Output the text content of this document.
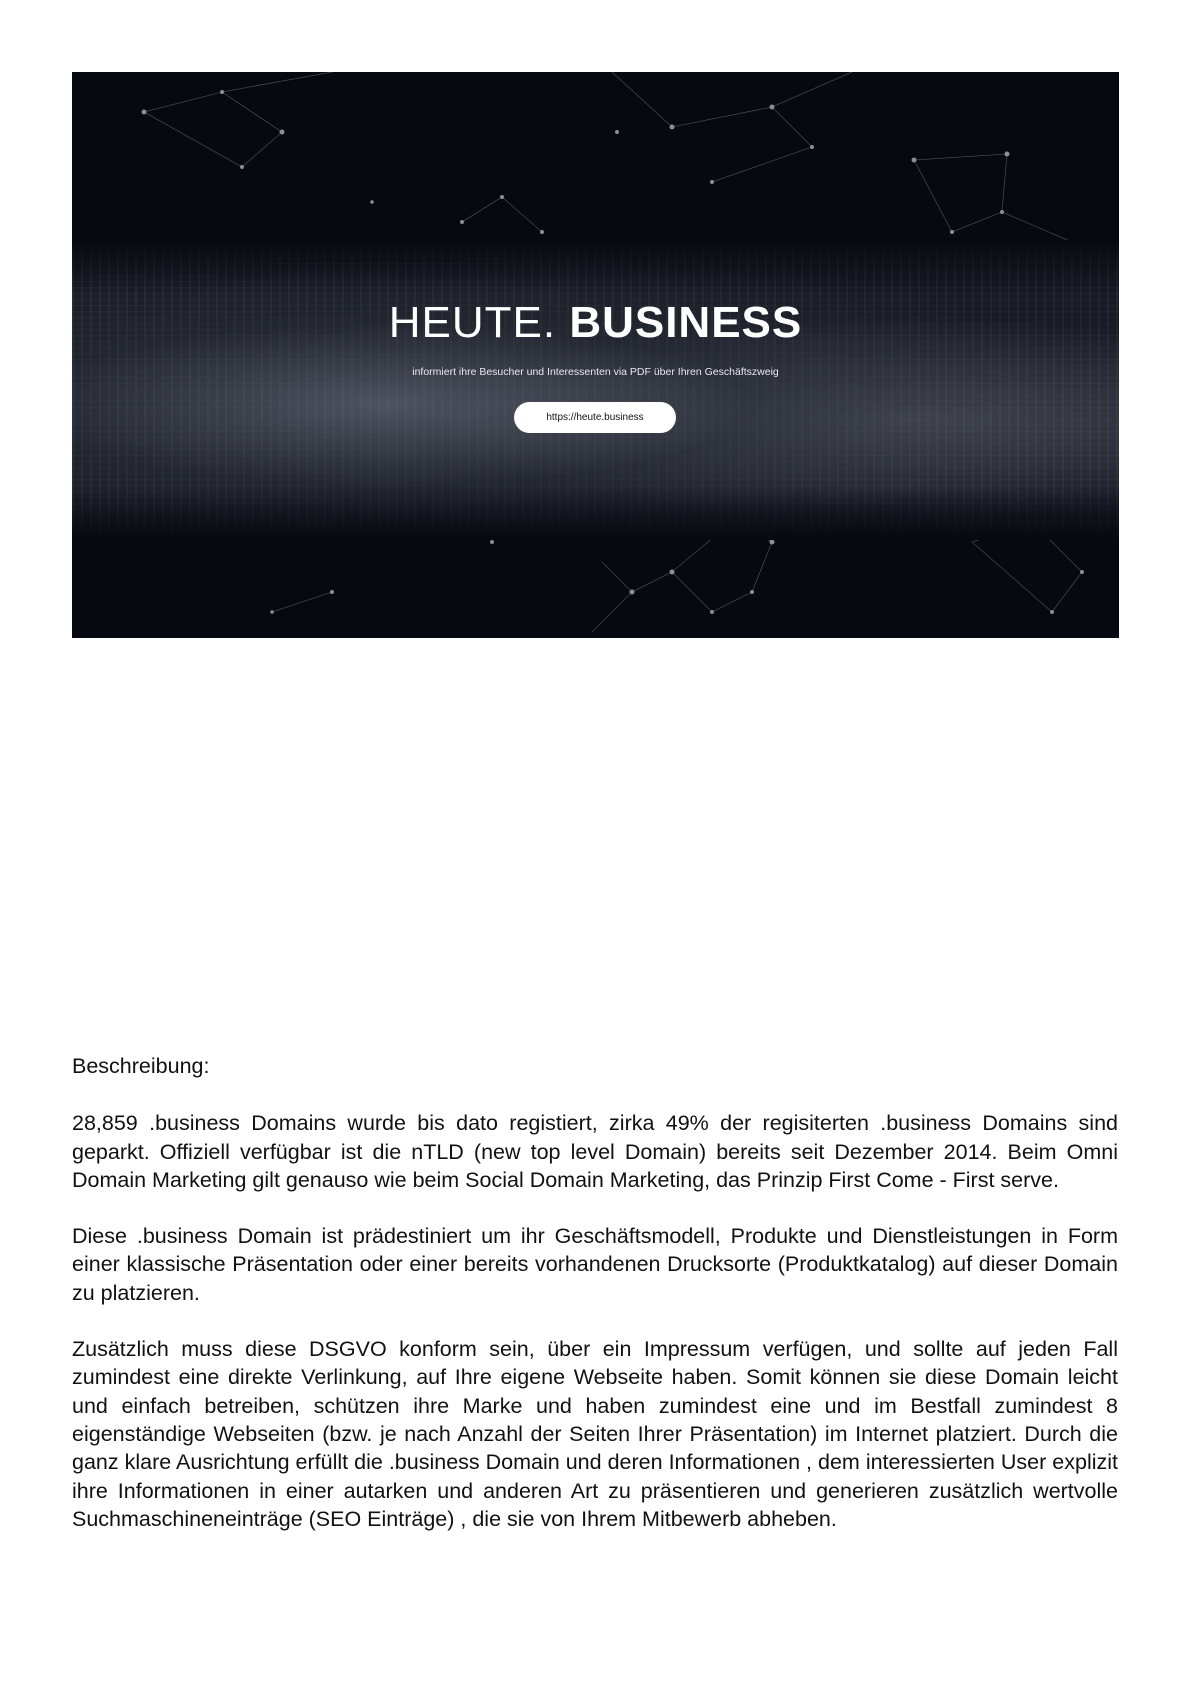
HEUTE. BUSINESS
informiert ihre Besucher und Interessenten via PDF über Ihren Geschäftszweig
https://heute.business

Beschreibung:

28,859 .business Domains wurde bis dato registiert, zirka 49% der regisiterten .business Domains sind geparkt. Offiziell verfügbar ist die nTLD (new top level Domain) bereits seit Dezember 2014. Beim Omni Domain Marketing gilt genauso wie beim Social Domain Marketing, das Prinzip First Come - First serve.

Diese .business Domain ist prädestiniert um ihr Geschäftsmodell, Produkte und Dienstleistungen in Form einer klassische Präsentation oder einer bereits vorhandenen Drucksorte (Produktkatalog) auf dieser Domain zu platzieren.

Zusätzlich muss diese DSGVO konform sein, über ein Impressum verfügen, und sollte auf jeden Fall zumindest eine direkte Verlinkung, auf Ihre eigene Webseite haben. Somit können sie diese Domain leicht und einfach betreiben, schützen ihre Marke und haben zumindest eine und im Bestfall zumindest 8 eigenständige Webseiten (bzw. je nach Anzahl der Seiten Ihrer Präsentation) im Internet platziert. Durch die ganz klare Ausrichtung erfüllt die .business Domain und deren Informationen , dem interessierten User explizit ihre Informationen in einer autarken und anderen Art zu präsentieren und generieren zusätzlich wertvolle Suchmaschineneinträge (SEO Einträge) , die sie von Ihrem Mitbewerb abheben.
